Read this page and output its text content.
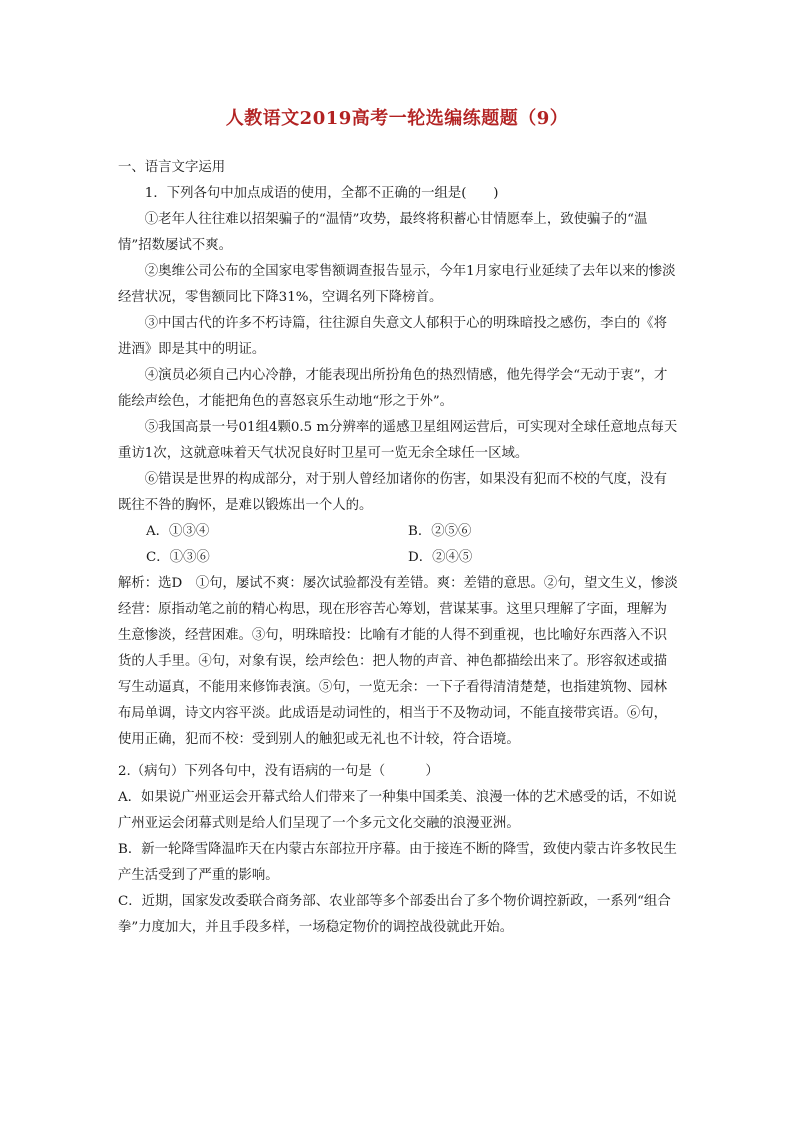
人教语文2019高考一轮选编练题题（9）

一、语言文字运用

1．下列各句中加点成语的使用，全都不正确的一组是(　　)

①老年人往往难以招架骗子的“温情”攻势，最终将积蓄心甘情愿奉上，致使骗子的“温情”招数屡试不爽。

②奥维公司公布的全国家电零售额调查报告显示，今年1月家电行业延续了去年以来的惨淡经营状况，零售额同比下降31%，空调名列下降榜首。

③中国古代的许多不朽诗篇，往往源自失意文人郁积于心的明珠暗投之感伤，李白的《将进酒》即是其中的明证。

④演员必须自己内心冷静，才能表现出所扮角色的热烈情感，他先得学会“无动于衷”，才能绘声绘色，才能把角色的喜怒哀乐生动地“形之于外”。

⑤我国高景一号01组4颗0.5 m分辨率的遥感卫星组网运营后，可实现对全球任意地点每天重访1次，这就意味着天气状况良好时卫星可一览无余全球任一区域。

⑥错误是世界的构成部分，对于别人曾经加诸你的伤害，如果没有犯而不校的气度，没有既往不咎的胸怀，是难以锻炼出一个人的。

A．①③④	B．②⑤⑥
C．①③⑥	D．②④⑤

解析：选D　①句，屡试不爽：屡次试验都没有差错。爽：差错的意思。②句，望文生义，惨淡经营：原指动笔之前的精心构思，现在形容苦心筹划，营谋某事。这里只理解了字面，理解为生意惨淡，经营困难。③句，明珠暗投：比喻有才能的人得不到重视，也比喻好东西落入不识货的人手里。④句，对象有误，绘声绘色：把人物的声音、神色都描绘出来了。形容叙述或描写生动逼真，不能用来修饰表演。⑤句，一览无余：一下子看得清清楚楚，也指建筑物、园林布局单调，诗文内容平淡。此成语是动词性的，相当于不及物动词，不能直接带宾语。⑥句，使用正确，犯而不校：受到别人的触犯或无礼也不计较，符合语境。

2.（病句）下列各句中，没有语病的一句是（　　　）

A．如果说广州亚运会开幕式给人们带来了一种集中国柔美、浪漫一体的艺术感受的话，不如说广州亚运会闭幕式则是给人们呈现了一个多元文化交融的浪漫亚洲。

B．新一轮降雪降温昨天在内蒙古东部拉开序幕。由于接连不断的降雪，致使内蒙古许多牧民生产生活受到了严重的影响。

C．近期，国家发改委联合商务部、农业部等多个部委出台了多个物价调控新政，一系列“组合拳”力度加大，并且手段多样，一场稳定物价的调控战役就此开始。
